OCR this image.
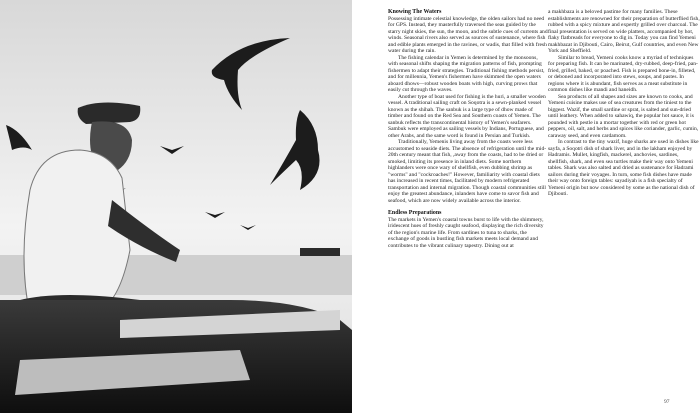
Knowing The Waters

Possessing intimate celestial knowledge, the olden sailors had no need for GPS. Instead, they masterfully traversed the seas guided by the starry night skies, the sun, the moon, and the subtle cues of currents and winds. Seasonal rivers also served as sources of sustenance, where fish and edible plants emerged in the ravines, or wadis, that filled with fresh water during the rain.

The fishing calendar in Yemen is determined by the monsoons, with seasonal shifts shaping the migration patterns of fish, prompting fishermen to adapt their strategies. Traditional fishing methods persist, and for millennia, Yemen's fishermen have skimmed the open waters aboard dhows—robust wooden boats with high, curving prows that easily cut through the waves.

Another type of boat used for fishing is the huri, a smaller wooden vessel. A traditional sailing craft on Soqotra is a sewn-planked vessel known as the shihah. The sanbuk is a large type of dhow made of timber and found on the Red Sea and Southern coasts of Yemen. The sanbuk reflects the transcontinental history of Yemen's seafarers. Sambuk were employed as sailing vessels by Indians, Portuguese, and other Arabs, and the same word is found in Persian and Turkish.

Traditionally, Yemenis living away from the coasts were less accustomed to seaside diets. The absence of refrigeration until the mid-20th century meant that fish, ,away from the coasts, had to be dried or smoked, limiting its presence in inland diets. Some northern highlanders were once wary of shellfish, even dubbing shrimp as "worms" and "cockroaches!" However, familiarity with coastal diets has increased in recent times, facilitated by modern refrigerated transportation and internal migration. Though coastal communities still enjoy the greatest abundance, inlanders have come to savor fish and seafood, which are now widely available across the interior.

Endless Preparations

The markets in Yemen's coastal towns burst to life with the shimmery, iridescent hues of freshly caught seafood, displaying the rich diversity of the region's marine life. From sardines to tuna to sharks, the exchange of goods in bustling fish markets meets local demand and contributes to the vibrant culinary tapestry. Dining out at

a makhbaza is a beloved pastime for many families. These establishments are renowned for their preparation of butterflied fish, rubbed with a spicy mixture and expertly grilled over charcoal. The final presentation is served on wide platters, accompanied by hot, flaky flatbreads for everyone to dig in. Today you can find Yemeni makhbazat in Djibouti, Cairo, Beirut, Gulf countries, and even New York and Sheffield.

Similar to bread, Yemeni cooks know a myriad of techniques for preparing fish. It can be marinated, dry-rubbed, deep-fried, pan-fried, grilled, baked, or poached. Fish is prepared bone-in, filleted, or deboned and incorporated into stews, soups, and pastes. In regions where it is abundant, fish serves as a meat substitute in common dishes like mandi and haneidh.

Sea products of all shapes and sizes are known to cooks, and Yemeni cuisine makes use of sea creatures from the tiniest to the biggest. Wazif, the small sardine or sprat, is salted and sun-dried until leathery. When added to sahawiq, the popular hot sauce, it is pounded with pestle in a mortar together with red or green hot peppers, oil, salt, and herbs and spices like coriander, garlic, cumin, caraway seed, and even cardamom.

In contrast to the tiny wazif, huge sharks are used in dishes like sayfa, a Soqotri dish of shark liver, and in the lakham enjoyed by Hadramis. Mullet, kingfish, mackerel, anchovies, sardines, shellfish, shark, and even sea turtles make their way onto Yemeni tables. Shark was also salted and dried as sustenance for Hadrami sailors during their voyages. In turn, some fish dishes have made their way onto foreign tables: sayadiyah is a fish specialty of Yemeni origin but now considered by some as the national dish of Djibouti.

97
